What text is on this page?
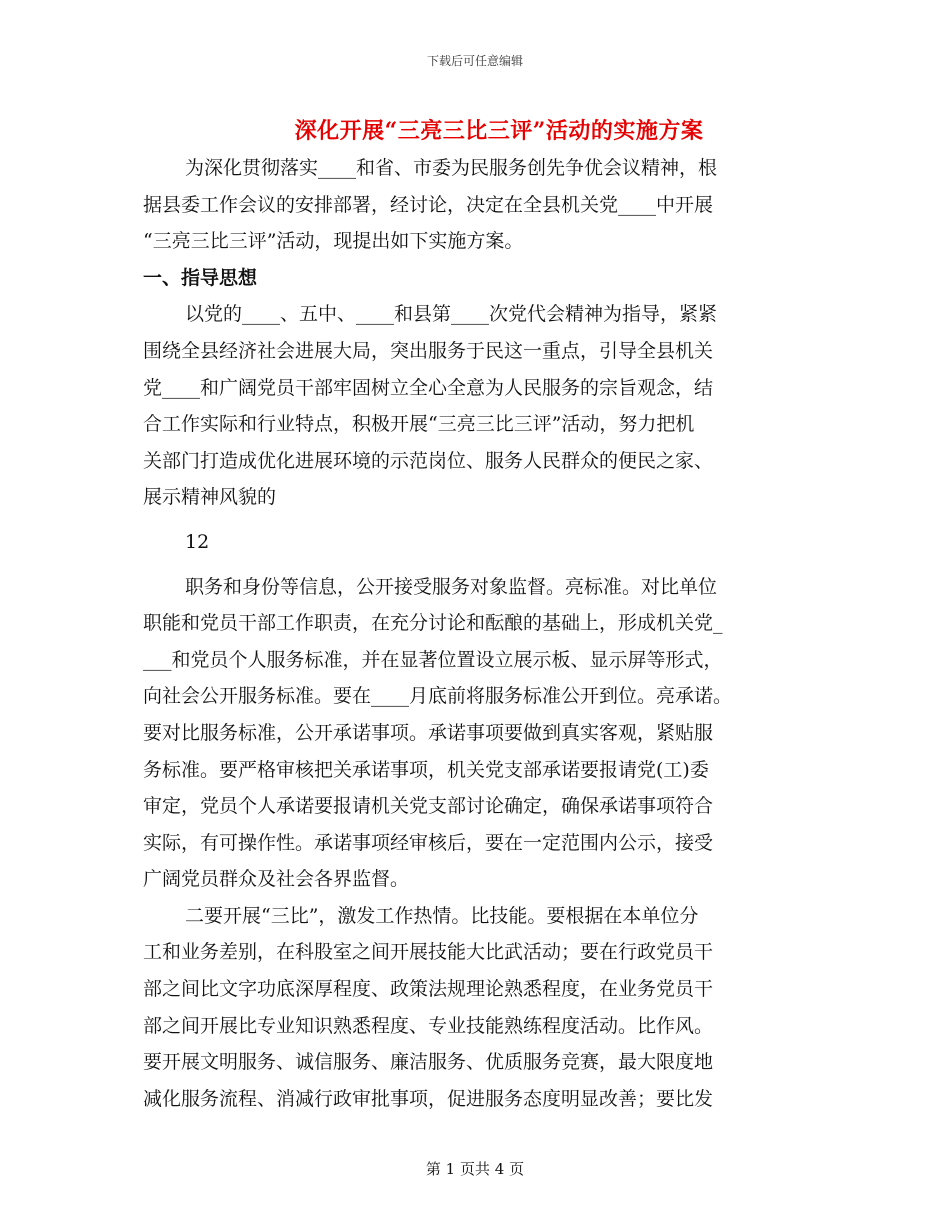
下载后可任意编辑
深化开展“三亮三比三评”活动的实施方案
为深化贯彻落实____和省、市委为民服务创先争优会议精神，根
据县委工作会议的安排部署，经讨论，决定在全县机关党____中开展
“三亮三比三评”活动，现提出如下实施方案。
一、指导思想
以党的____、五中、____和县第____次党代会精神为指导，紧紧
围绕全县经济社会进展大局，突出服务于民这一重点，引导全县机关
党____和广阔党员干部牢固树立全心全意为人民服务的宗旨观念，结
合工作实际和行业特点，积极开展“三亮三比三评”活动，努力把机
关部门打造成优化进展环境的示范岗位、服务人民群众的便民之家、
展示精神风貌的
12
职务和身份等信息，公开接受服务对象监督。亮标准。对比单位
职能和党员干部工作职责，在充分讨论和酝酿的基础上，形成机关党_
___和党员个人服务标准，并在显著位置设立展示板、显示屏等形式，
向社会公开服务标准。要在____月底前将服务标准公开到位。亮承诺。
要对比服务标准，公开承诺事项。承诺事项要做到真实客观，紧贴服
务标准。要严格审核把关承诺事项，机关党支部承诺要报请党(工)委
审定，党员个人承诺要报请机关党支部讨论确定，确保承诺事项符合
实际，有可操作性。承诺事项经审核后，要在一定范围内公示，接受
广阔党员群众及社会各界监督。
二要开展“三比”，激发工作热情。比技能。要根据在本单位分
工和业务差别，在科股室之间开展技能大比武活动；要在行政党员干
部之间比文字功底深厚程度、政策法规理论熟悉程度，在业务党员干
部之间开展比专业知识熟悉程度、专业技能熟练程度活动。比作风。
要开展文明服务、诚信服务、廉洁服务、优质服务竞赛，最大限度地
减化服务流程、消减行政审批事项，促进服务态度明显改善；要比发
第 1 页共 4 页
